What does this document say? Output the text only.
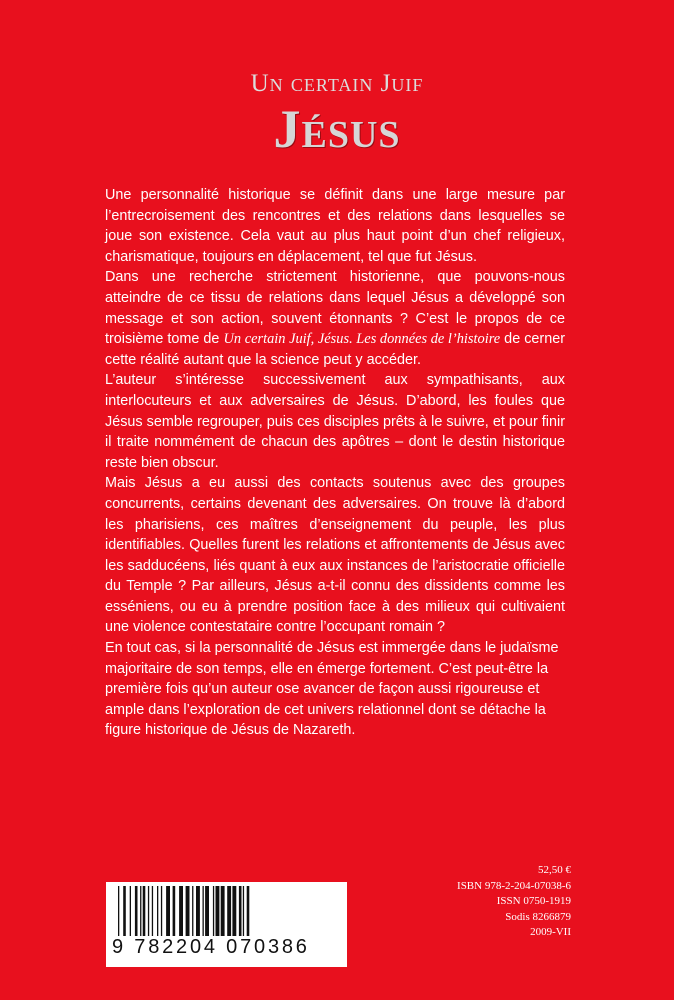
Un certain Juif
Jésus

Une personnalité historique se définit dans une large mesure par l’entrecroisement des rencontres et des relations dans lesquelles se joue son existence. Cela vaut au plus haut point d’un chef religieux, charismatique, toujours en déplacement, tel que fut Jésus.

Dans une recherche strictement historienne, que pouvons-nous atteindre de ce tissu de relations dans lequel Jésus a développé son message et son action, souvent étonnants ? C’est le propos de ce troisième tome de Un certain Juif, Jésus. Les données de l’histoire de cerner cette réalité autant que la science peut y accéder.

L’auteur s’intéresse successivement aux sympathisants, aux interlocuteurs et aux adversaires de Jésus. D’abord, les foules que Jésus semble regrouper, puis ces disciples prêts à le suivre, et pour finir il traite nommément de chacun des apôtres – dont le destin historique reste bien obscur.

Mais Jésus a eu aussi des contacts soutenus avec des groupes concurrents, certains devenant des adversaires. On trouve là d’abord les pharisiens, ces maîtres d’enseignement du peuple, les plus identifiables. Quelles furent les relations et affrontements de Jésus avec les sadducéens, liés quant à eux aux instances de l’aristocratie officielle du Temple ? Par ailleurs, Jésus a-t-il connu des dissidents comme les esséniens, ou eu à prendre position face à des milieux qui cultivaient une violence contestataire contre l’occupant romain ?

En tout cas, si la personnalité de Jésus est immergée dans le judaïsme majoritaire de son temps, elle en émerge fortement. C’est peut-être la première fois qu’un auteur ose avancer de façon aussi rigoureuse et ample dans l’exploration de cet univers relationnel dont se détache la figure historique de Jésus de Nazareth.

9 782204 070386
52,50 €
ISBN 978-2-204-07038-6
ISSN 0750-1919
Sodis 8266879
2009-VII
